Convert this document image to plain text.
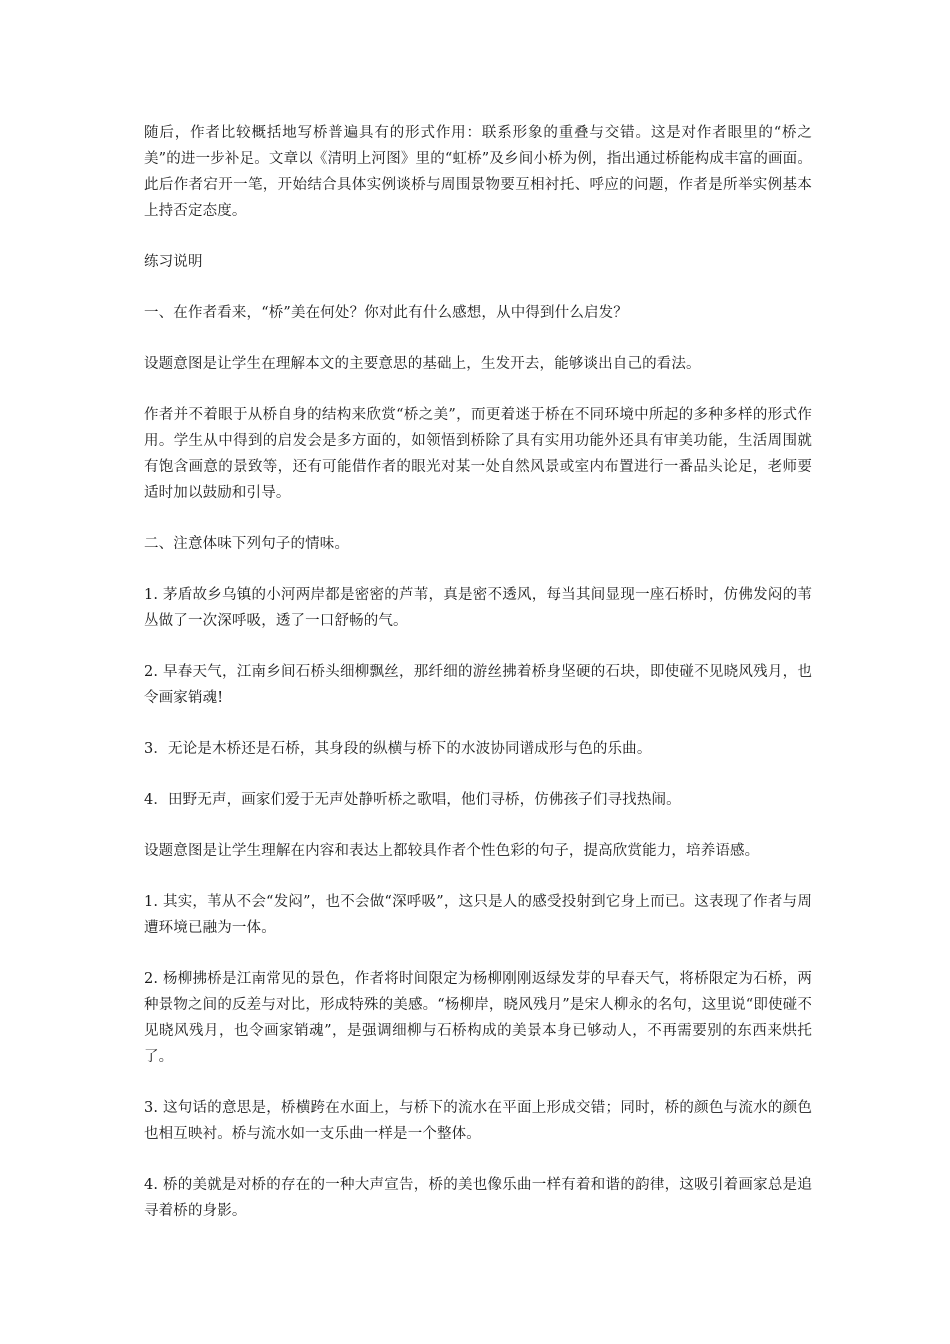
随后，作者比较概括地写桥普遍具有的形式作用：联系形象的重叠与交错。这是对作者眼里的“桥之美”的进一步补足。文章以《清明上河图》里的“虹桥”及乡间小桥为例，指出通过桥能构成丰富的画面。此后作者宕开一笔，开始结合具体实例谈桥与周围景物要互相衬托、呼应的问题，作者是所举实例基本上持否定态度。

练习说明

一、在作者看来，“桥”美在何处？你对此有什么感想，从中得到什么启发？

设题意图是让学生在理解本文的主要意思的基础上，生发开去，能够谈出自己的看法。

作者并不着眼于从桥自身的结构来欣赏“桥之美”，而更着迷于桥在不同环境中所起的多种多样的形式作用。学生从中得到的启发会是多方面的，如领悟到桥除了具有实用功能外还具有审美功能，生活周围就有饱含画意的景致等，还有可能借作者的眼光对某一处自然风景或室内布置进行一番品头论足，老师要适时加以鼓励和引导。

二、注意体味下列句子的情味。

1. 茅盾故乡乌镇的小河两岸都是密密的芦苇，真是密不透风，每当其间显现一座石桥时，仿佛发闷的苇丛做了一次深呼吸，透了一口舒畅的气。

2. 早春天气，江南乡间石桥头细柳飘丝，那纤细的游丝拂着桥身坚硬的石块，即使碰不见晓风残月，也令画家销魂!

3．无论是木桥还是石桥，其身段的纵横与桥下的水波协同谱成形与色的乐曲。

4．田野无声，画家们爱于无声处静听桥之歌唱，他们寻桥，仿佛孩子们寻找热闹。

设题意图是让学生理解在内容和表达上都较具作者个性色彩的句子，提高欣赏能力，培养语感。

1. 其实，苇从不会“发闷”，也不会做“深呼吸”，这只是人的感受投射到它身上而已。这表现了作者与周遭环境已融为一体。

2. 杨柳拂桥是江南常见的景色，作者将时间限定为杨柳刚刚返绿发芽的早春天气，将桥限定为石桥，两种景物之间的反差与对比，形成特殊的美感。“杨柳岸，晓风残月”是宋人柳永的名句，这里说“即使碰不见晓风残月，也令画家销魂”，是强调细柳与石桥构成的美景本身已够动人，不再需要别的东西来烘托了。

3. 这句话的意思是，桥横跨在水面上，与桥下的流水在平面上形成交错；同时，桥的颜色与流水的颜色也相互映衬。桥与流水如一支乐曲一样是一个整体。

4. 桥的美就是对桥的存在的一种大声宣告，桥的美也像乐曲一样有着和谐的韵律，这吸引着画家总是追寻着桥的身影。
